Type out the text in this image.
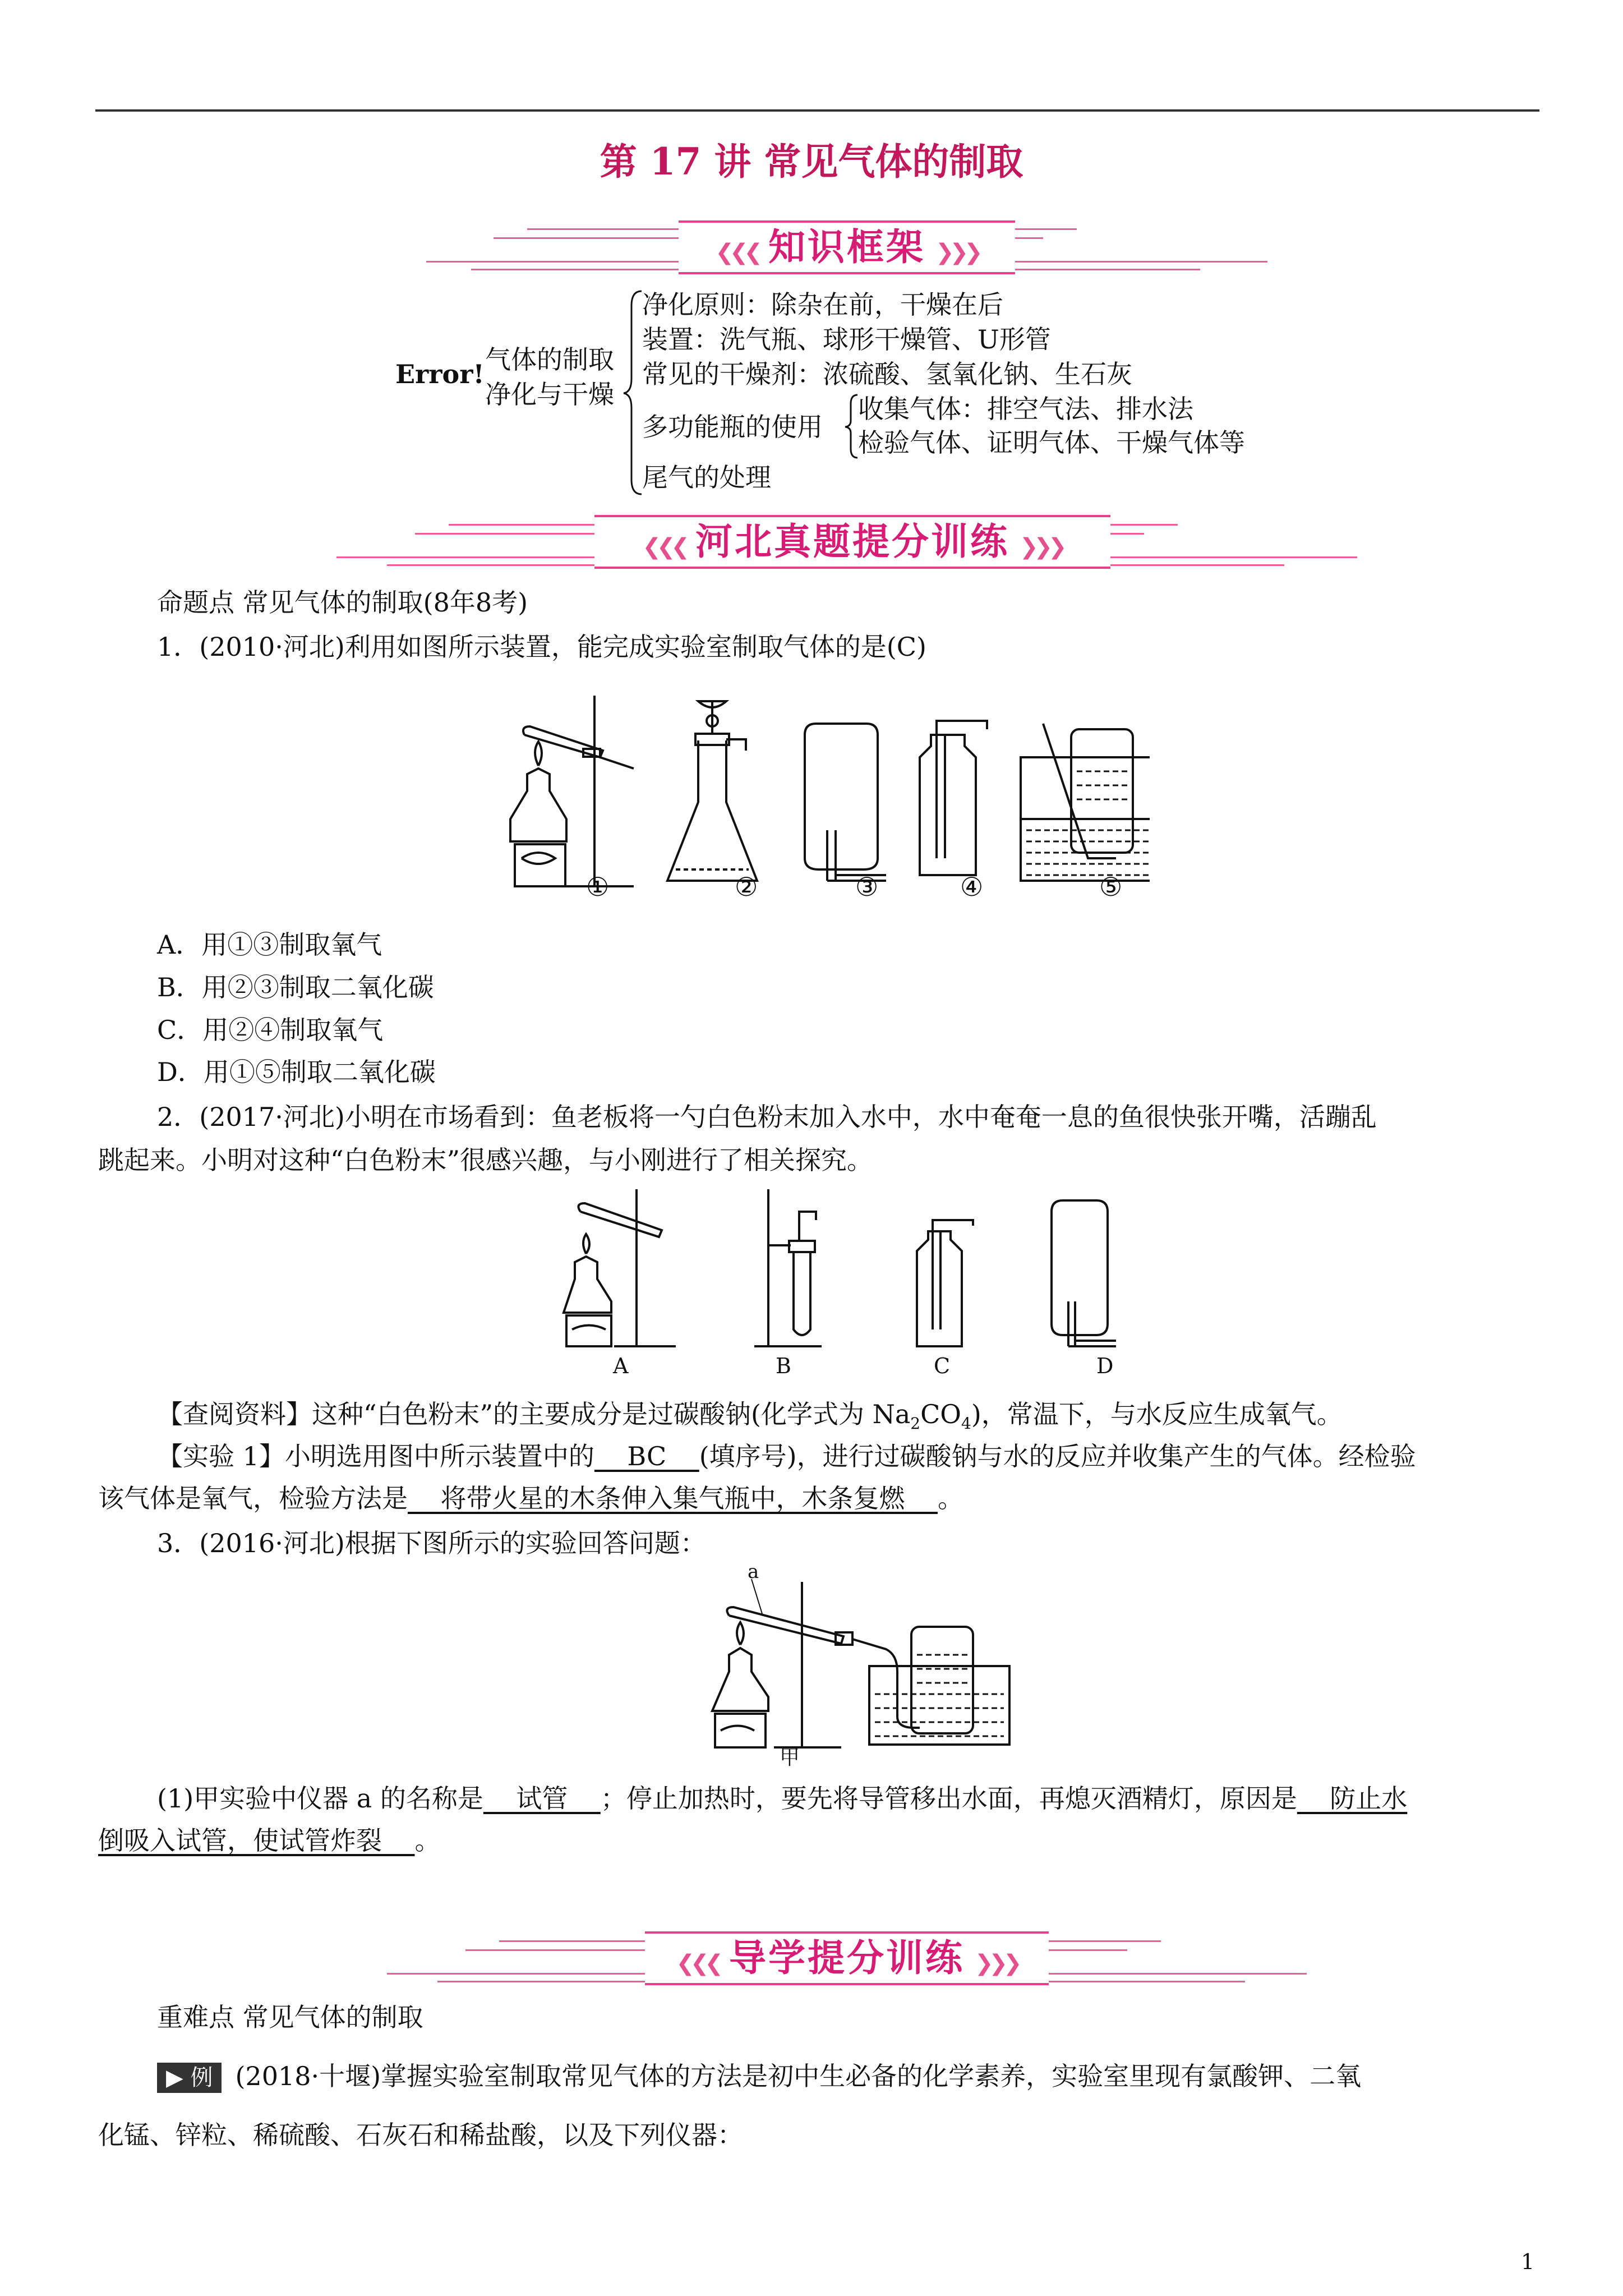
第 17 讲 常见气体的制取
❮❮❮ 知识框架 ❯❯❯
Error! 气体的制取
净化与干燥
净化原则：除杂在前，干燥在后
装置：洗气瓶、球形干燥管、U形管
常见的干燥剂：浓硫酸、氢氧化钠、生石灰
多功能瓶的使用
收集气体：排空气法、排水法
检验气体、证明气体、干燥气体等
尾气的处理
❮❮❮ 河北真题提分训练 ❯❯❯
命题点 常见气体的制取(8年8考)
1．(2010·河北)利用如图所示装置，能完成实验室制取气体的是(C)
①	②	③	④	⑤
A．用①③制取氧气
B．用②③制取二氧化碳
C．用②④制取氧气
D．用①⑤制取二氧化碳
2．(2017·河北)小明在市场看到：鱼老板将一勺白色粉末加入水中，水中奄奄一息的鱼很快张开嘴，活蹦乱
跳起来。小明对这种“白色粉末”很感兴趣，与小刚进行了相关探究。
A	B	C	D
【查阅资料】这种“白色粉末”的主要成分是过碳酸钠(化学式为 $Na_2CO_4$)，常温下，与水反应生成氧气。
【实验 1】小明选用图中所示装置中的    BC    (填序号)，进行过碳酸钠与水的反应并收集产生的气体。经检验
该气体是氧气，检验方法是    将带火星的木条伸入集气瓶中，木条复燃    。
3．(2016·河北)根据下图所示的实验回答问题：
a
甲
(1)甲实验中仪器 a 的名称是    试管    ；停止加热时，要先将导管移出水面，再熄灭酒精灯，原因是    防止水
倒吸入试管，使试管炸裂    。
❮❮❮ 导学提分训练 ❯❯❯
重难点 常见气体的制取
▶ 例 (2018·十堰)掌握实验室制取常见气体的方法是初中生必备的化学素养，实验室里现有氯酸钾、二氧
化锰、锌粒、稀硫酸、石灰石和稀盐酸，以及下列仪器：
1
